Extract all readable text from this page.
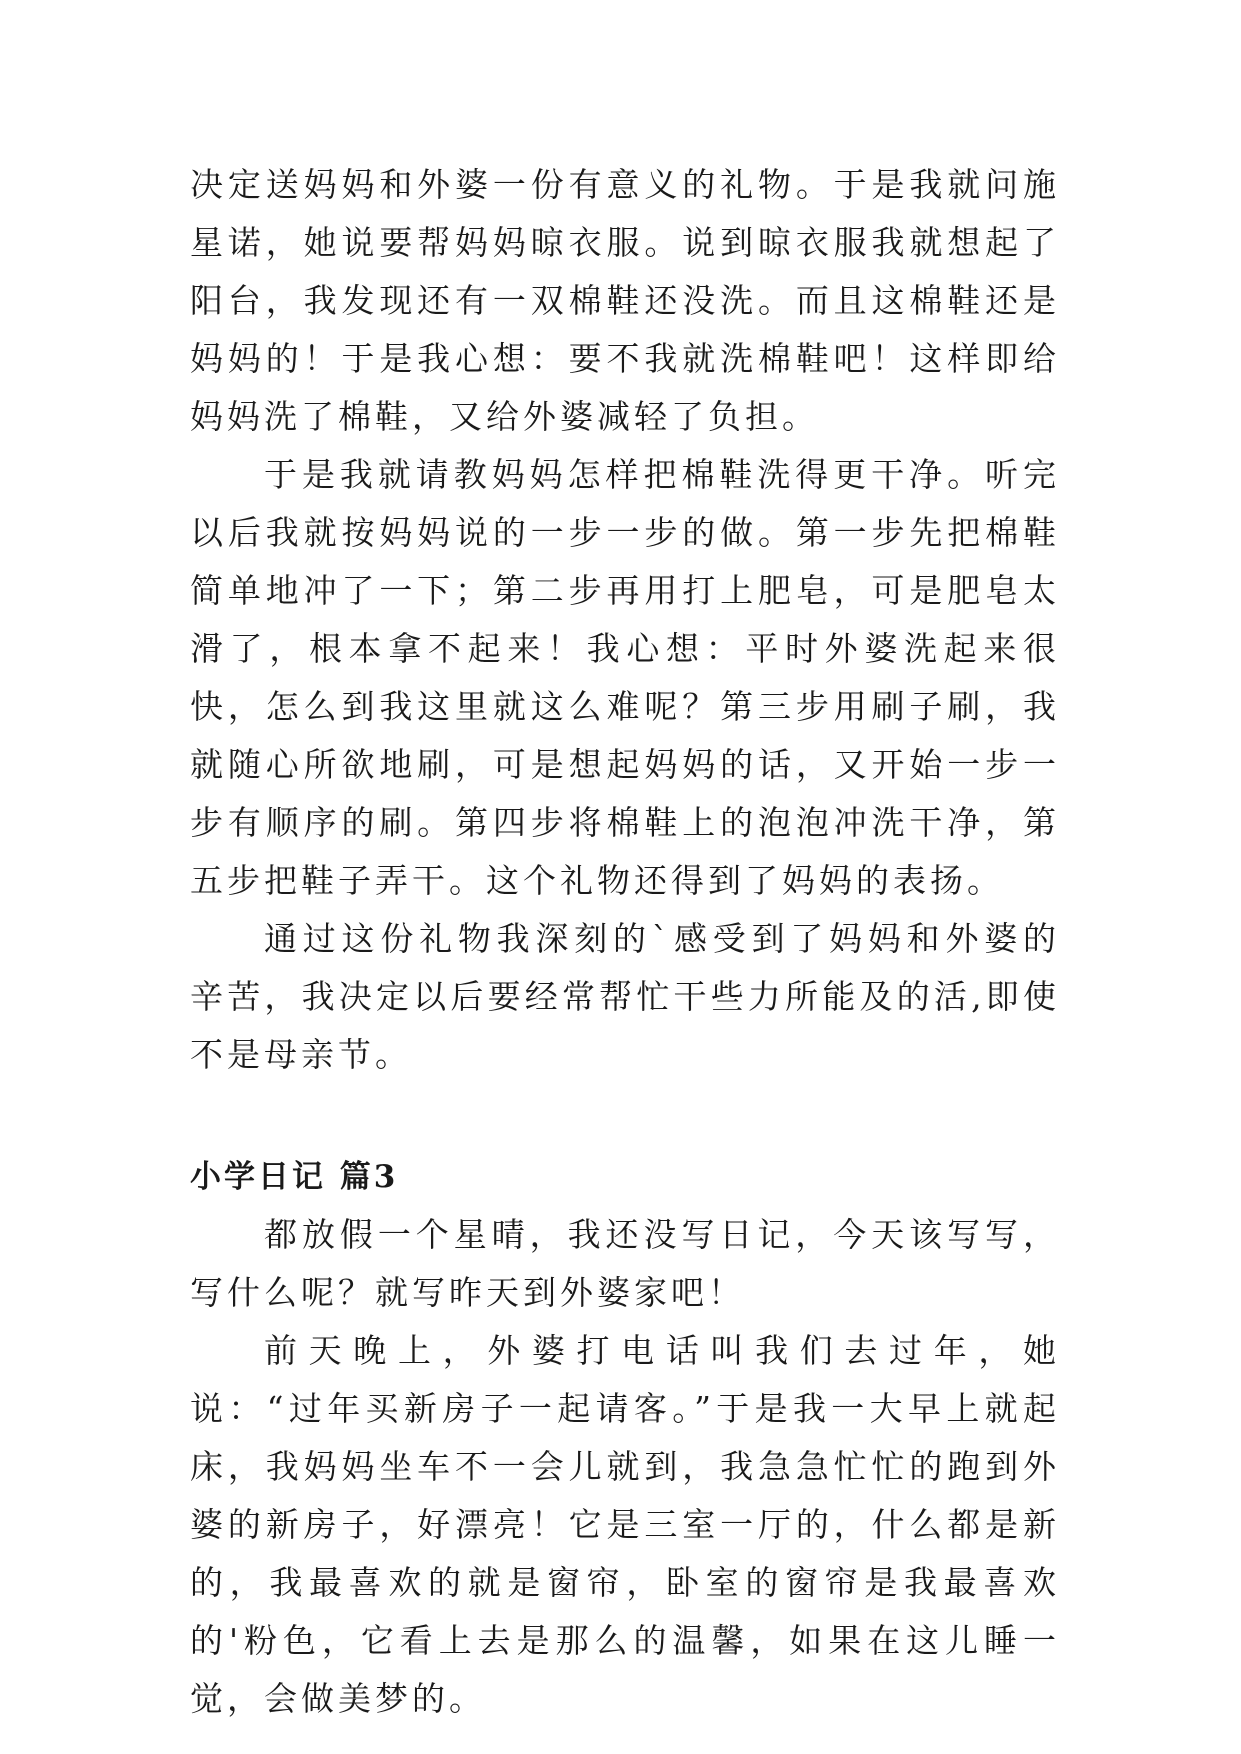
决定送妈妈和外婆一份有意义的礼物。于是我就问施星诺，她说要帮妈妈晾衣服。说到晾衣服我就想起了阳台，我发现还有一双棉鞋还没洗。而且这棉鞋还是妈妈的！于是我心想：要不我就洗棉鞋吧！这样即给妈妈洗了棉鞋，又给外婆减轻了负担。

于是我就请教妈妈怎样把棉鞋洗得更干净。听完以后我就按妈妈说的一步一步的做。第一步先把棉鞋简单地冲了一下；第二步再用打上肥皂，可是肥皂太滑了，根本拿不起来！我心想：平时外婆洗起来很快，怎么到我这里就这么难呢？第三步用刷子刷，我就随心所欲地刷，可是想起妈妈的话，又开始一步一步有顺序的刷。第四步将棉鞋上的泡泡冲洗干净，第五步把鞋子弄干。这个礼物还得到了妈妈的表扬。

通过这份礼物我深刻的`感受到了妈妈和外婆的辛苦，我决定以后要经常帮忙干些力所能及的活,即使不是母亲节。

小学日记 篇3

都放假一个星晴，我还没写日记，今天该写写，写什么呢？就写昨天到外婆家吧！

前天晚上，外婆打电话叫我们去过年，她说：“过年买新房子一起请客。”于是我一大早上就起床，我妈妈坐车不一会儿就到，我急急忙忙的跑到外婆的新房子，好漂亮！它是三室一厅的，什么都是新的，我最喜欢的就是窗帘，卧室的窗帘是我最喜欢的'粉色，它看上去是那么的温馨，如果在这儿睡一觉，会做美梦的。
